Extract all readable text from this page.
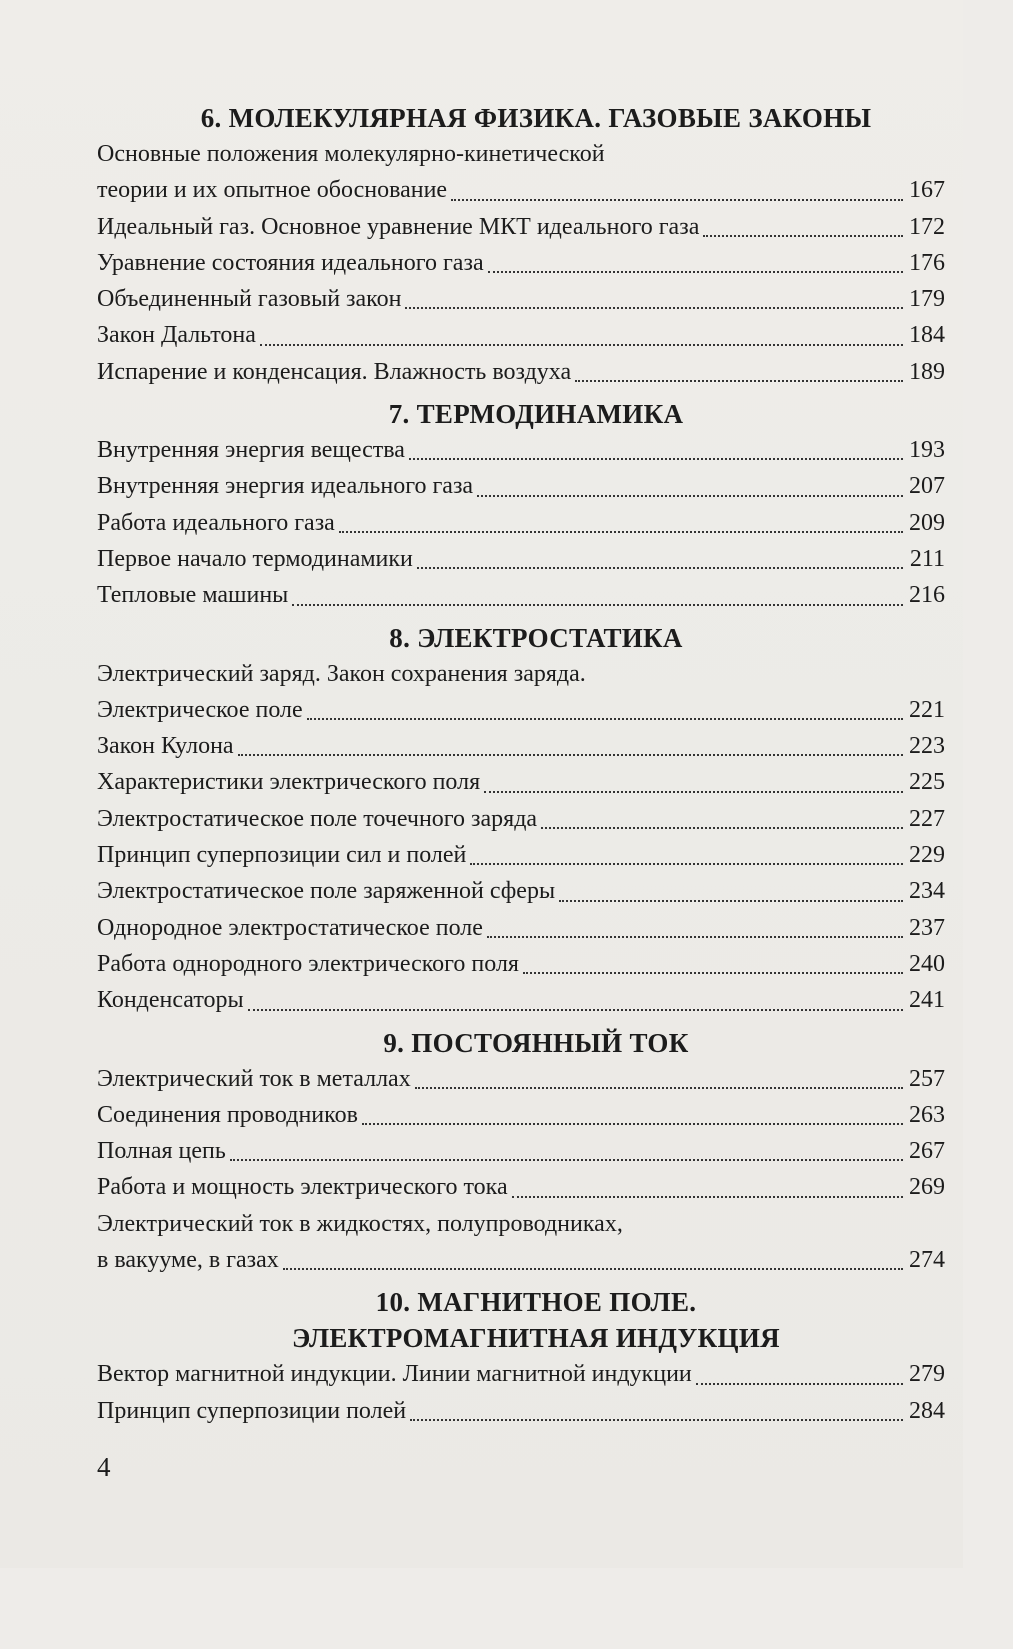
6. МОЛЕКУЛЯРНАЯ ФИЗИКА. ГАЗОВЫЕ ЗАКОНЫ
Основные положения молекулярно-кинетической
теории и их опытное обоснование	167
Идеальный газ. Основное уравнение МКТ идеального газа	172
Уравнение состояния идеального газа	176
Объединенный газовый закон	179
Закон Дальтона	184
Испарение и конденсация. Влажность воздуха	189
7. ТЕРМОДИНАМИКА
Внутренняя энергия вещества	193
Внутренняя энергия идеального газа	207
Работа идеального газа	209
Первое начало термодинамики	211
Тепловые машины	216
8. ЭЛЕКТРОСТАТИКА
Электрический заряд. Закон сохранения заряда.
Электрическое поле	221
Закон Кулона	223
Характеристики электрического поля	225
Электростатическое поле точечного заряда	227
Принцип суперпозиции сил и полей	229
Электростатическое поле заряженной сферы	234
Однородное электростатическое поле	237
Работа однородного электрического поля	240
Конденсаторы	241
9. ПОСТОЯННЫЙ ТОК
Электрический ток в металлах	257
Соединения проводников	263
Полная цепь	267
Работа и мощность электрического тока	269
Электрический ток в жидкостях, полупроводниках,
в вакууме, в газах	274
10. МАГНИТНОЕ ПОЛЕ.
ЭЛЕКТРОМАГНИТНАЯ ИНДУКЦИЯ
Вектор магнитной индукции. Линии магнитной индукции	279
Принцип суперпозиции полей	284
4
